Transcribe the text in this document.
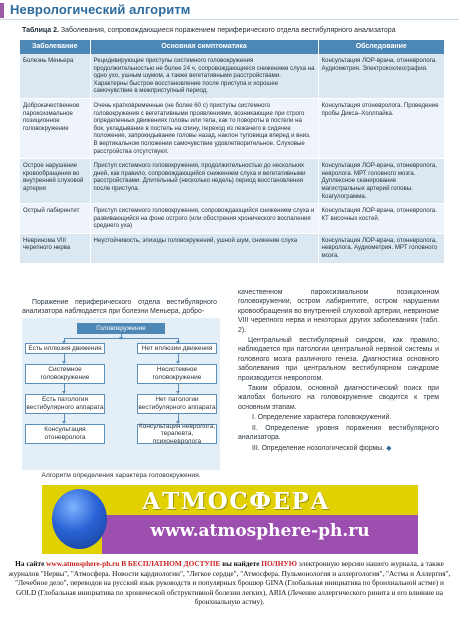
Неврологический алгоритм
Таблица 2. Заболевания, сопровождающиеся поражением периферического отдела вестибулярного анализатора
Заболевание	Основная симптоматика	Обследование
Болезнь Меньера	Рецидивирующие приступы системного головокружения продолжительностью не более 24 ч, сопровождающиеся снижением слуха на одно ухо, ушным шумом, а также вегетативными расстройствами. Характерны быстрое восстановление после приступа и хорошее самочувствие в межприступный период.	Консультация ЛОР-врача, отоневролога. Аудиометрия. Электрокохлеография.
Доброкачественное пароксизмальное позиционное головокружение	Очень кратковременные (не более 60 с) приступы системного головокружения с вегетативными проявлениями, возникающие при строго определенных движениях головы или тела, как то повороты в постели на бок, укладывание в постель на спину, переход из лежачего в сидячее положение, запрокидывание головы назад, наклон туловища вперед и вниз. В вертикальном положении самочувствие удовлетворительное. Слуховые расстройства отсутствуют.	Консультация отоневролога. Проведение пробы Дикса–Холлпайка.
Острое нарушение кровообращения во внутренней слуховой артерии	Приступ системного головокружения, продолжительностью до нескольких дней, как правило, сопровождающийся снижением слуха и вегетативными расстройствами. Длительный (несколько недель) период восстановления после приступа.	Консультация ЛОР-врача, отоневролога, невролога. МРТ головного мозга. Дуплексное сканирование магистральных артерий головы. Коагулограмма.
Острый лабиринтит	Приступ системного головокружения, сопровождающийся снижением слуха и развивающийся на фоне острого (или обострения хронического воспаления среднего уха)	Консультация ЛОР-врача, отоневролога. КТ височных костей.
Невринома VIII черепного нерва	Неустойчивость, эпизоды головокружений, ушной шум, снижение слуха	Консультация ЛОР-врача, отоневролога, невролога. Аудиометрия. МРТ головного мозга.

Поражение периферического отдела вестибулярного анализатора наблюдается при болезни Меньера, добро-

Головокружение
Есть иллюзия движения	Нет иллюзии движения
Системное головокружение
Несистемное головокружение
Есть патология вестибулярного аппарата
Нет патологии вестибулярного аппарата
Консультация отоневролога
Консультация невролога, терапевта, психоневролога
Алгоритм определения характера головокружения.

качественном пароксизмальном позиционном головокружении, остром лабиринтите, остром нарушении кровообращения во внутренней слуховой артерии, невриноме VIII черепного нерва и некоторых других заболеваниях (табл. 2).

Центральный вестибулярный синдром, как правило, наблюдается при патологии центральной нервной системы и головного мозга различного генеза. Диагностика основного заболевания при центральном вестибулярном синдроме производится неврологом.

Таким образом, основной диагностический поиск при жалобах больного на головокружение сводится к трем основным этапам.

I. Определение характера головокружений.

II. Определение уровня поражения вестибулярного анализатора.

III. Определение нозологической формы. ◆

АТМОСФЕРА
www.atmosphere-ph.ru
На сайте www.atmosphere-ph.ru В БЕСПЛАТНОМ ДОСТУПЕ вы найдете ПОЛНУЮ электронную версию нашего журнала, а также журналов "Нервы", "Атмосфера. Новости кардиологии", "Легкое сердце", "Атмосфера. Пульмонология и аллергология", "Астма и Аллергия", "Лечебное дело", переводов на русский язык руководств и популярных брошюр GINA (Глобальная инициатива по бронхиальной астме) и GOLD (Глобальная инициатива по хронической обструктивной болезни легких), ARIA (Лечение аллергического ринита и его влияние на бронхиальную астму).
